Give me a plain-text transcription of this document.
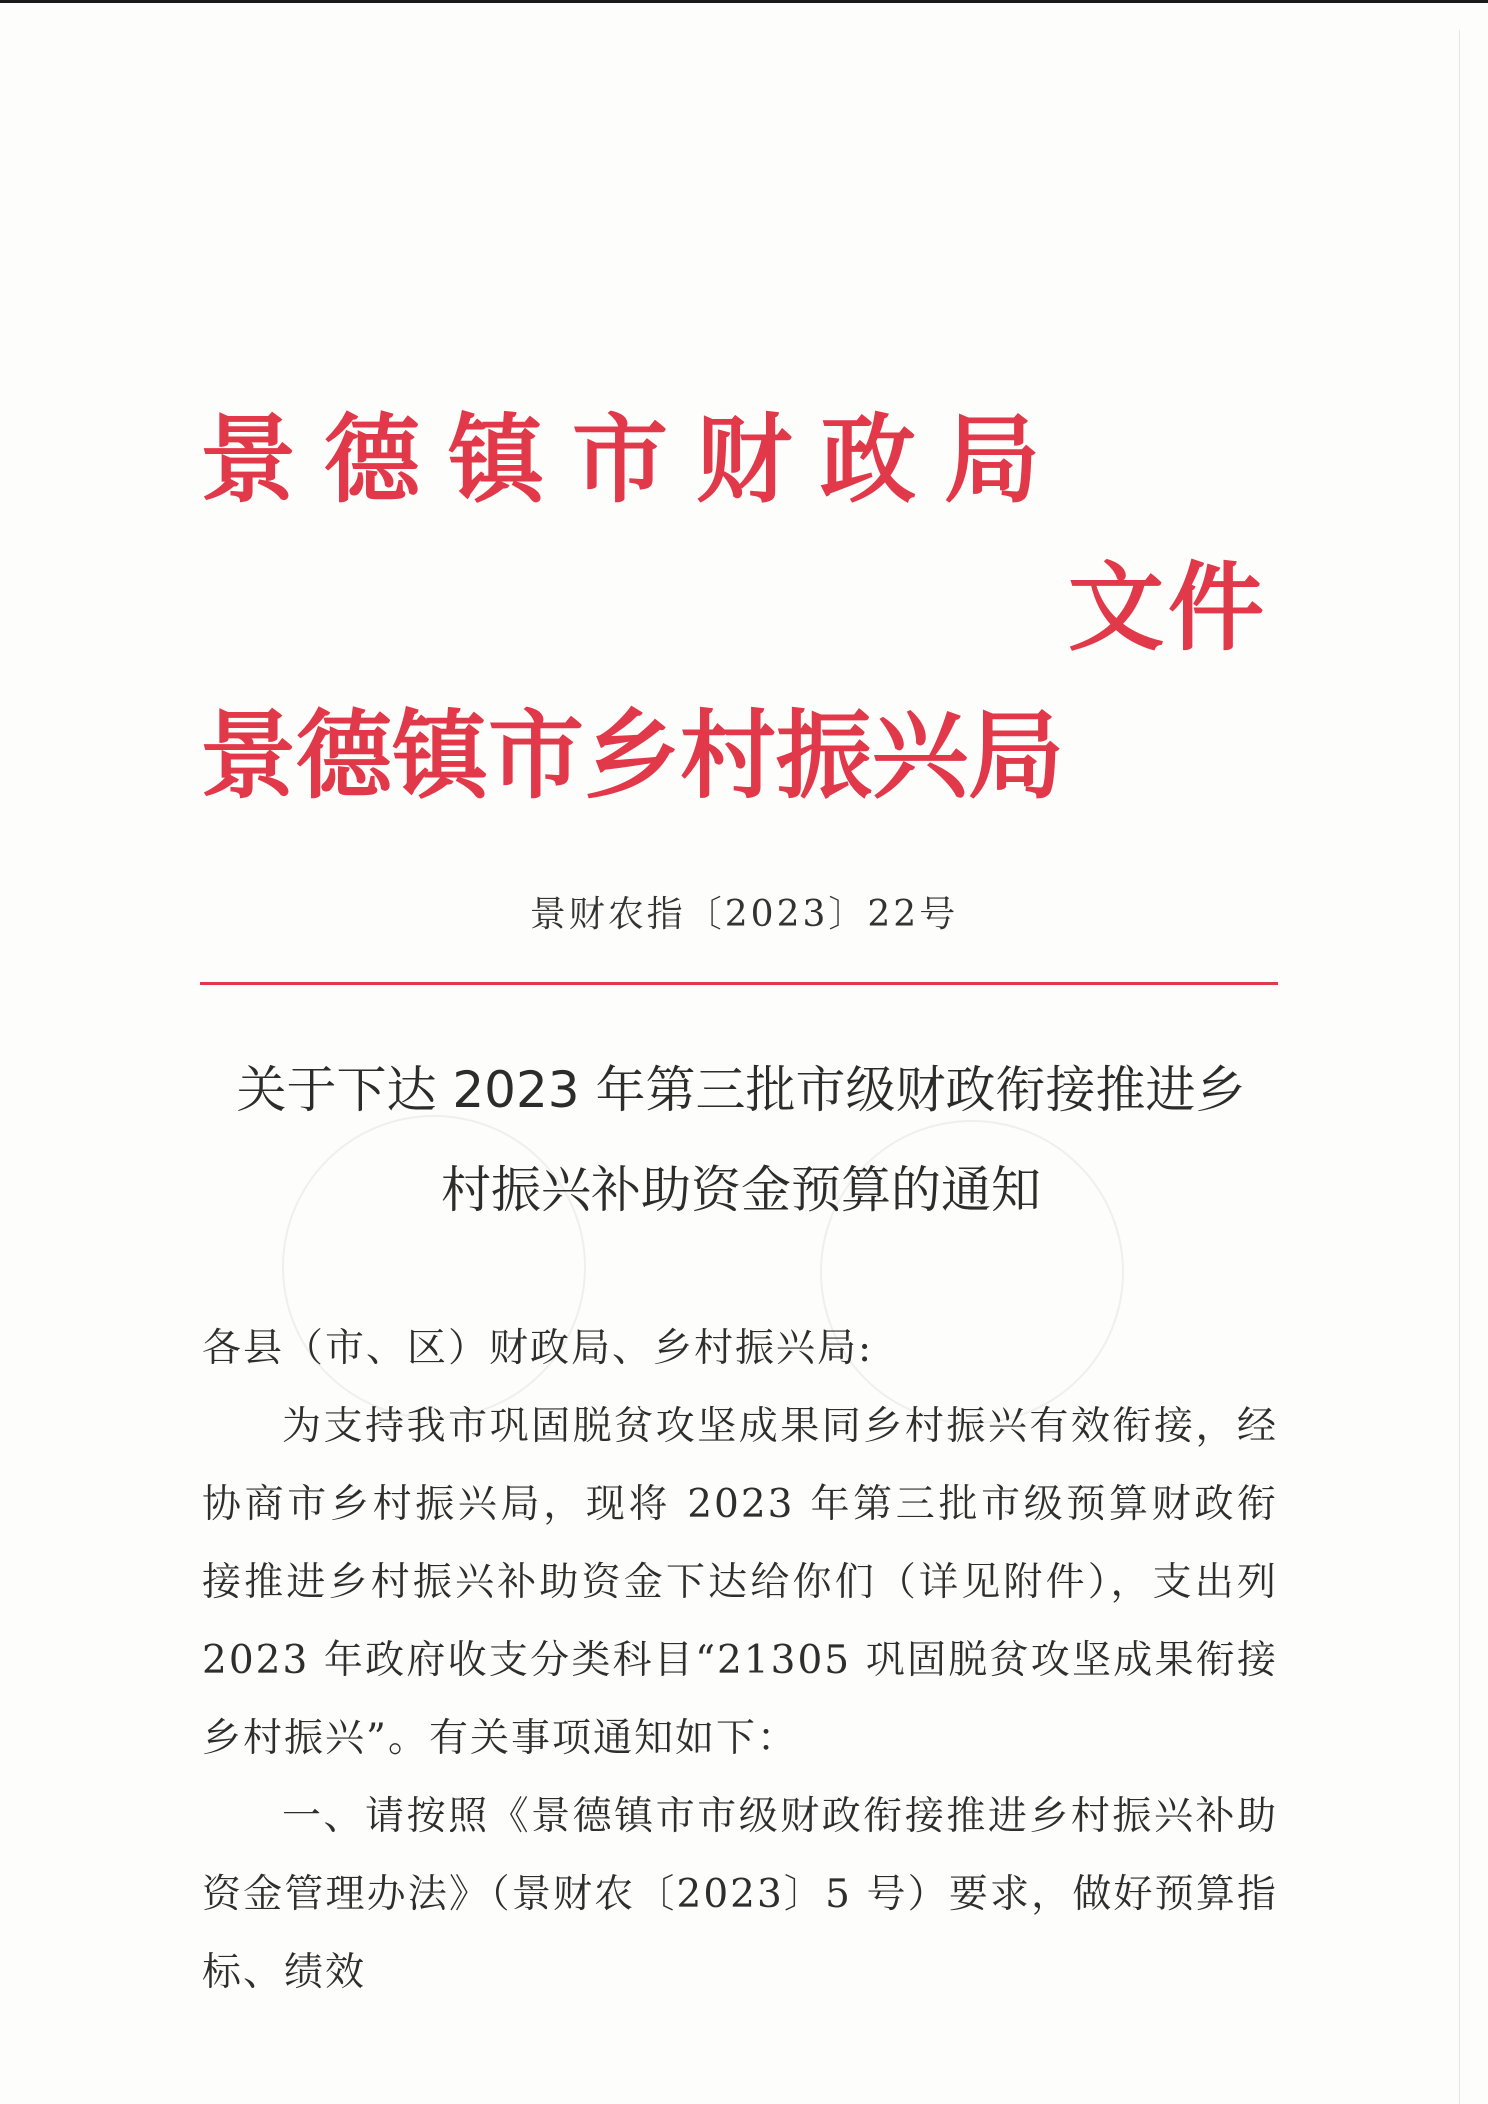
景 德 镇 市 财 政 局
文件
景 德 镇 市 乡 村 振 兴 局
景财农指〔2023〕22号
关于下达 2023 年第三批市级财政衔接推进乡
村振兴补助资金预算的通知

各县（市、区）财政局、乡村振兴局:

为支持我市巩固脱贫攻坚成果同乡村振兴有效衔接，经协商市乡村振兴局，现将 2023 年第三批市级预算财政衔接推进乡村振兴补助资金下达给你们（详见附件），支出列 2023 年政府收支分类科目“21305 巩固脱贫攻坚成果衔接乡村振兴”。有关事项通知如下：

一、请按照《景德镇市市级财政衔接推进乡村振兴补助资金管理办法》（景财农〔2023〕5 号）要求，做好预算指标、绩效
